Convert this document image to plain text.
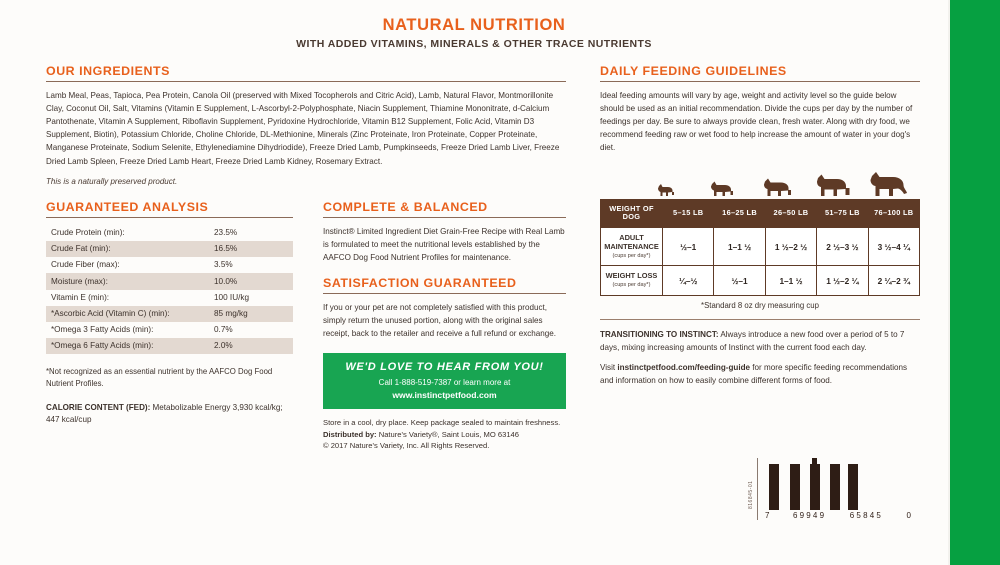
NATURAL NUTRITION
WITH ADDED VITAMINS, MINERALS & OTHER TRACE NUTRIENTS
OUR INGREDIENTS

Lamb Meal, Peas, Tapioca, Pea Protein, Canola Oil (preserved with Mixed Tocopherols and Citric Acid), Lamb, Natural Flavor, Montmorillonite Clay, Coconut Oil, Salt, Vitamins (Vitamin E Supplement, L-Ascorbyl-2-Polyphosphate, Niacin Supplement, Thiamine Mononitrate, d-Calcium Pantothenate, Vitamin A Supplement, Riboflavin Supplement, Pyridoxine Hydrochloride, Vitamin B12 Supplement, Folic Acid, Vitamin D3 Supplement, Biotin), Potassium Chloride, Choline Chloride, DL-Methionine, Minerals (Zinc Proteinate, Iron Proteinate, Copper Proteinate, Manganese Proteinate, Sodium Selenite, Ethylenediamine Dihydriodide), Freeze Dried Lamb, Pumpkinseeds, Freeze Dried Lamb Liver, Freeze Dried Lamb Spleen, Freeze Dried Lamb Heart, Freeze Dried Lamb Kidney, Rosemary Extract.

This is a naturally preserved product.

GUARANTEED ANALYSIS
Crude Protein (min):	23.5%
Crude Fat (min):	16.5%
Crude Fiber (max):	3.5%
Moisture (max):	10.0%
Vitamin E (min):	100 IU/kg
*Ascorbic Acid (Vitamin C) (min):	85 mg/kg
*Omega 3 Fatty Acids (min):	0.7%
*Omega 6 Fatty Acids (min):	2.0%
*Not recognized as an essential nutrient by the AAFCO Dog Food Nutrient Profiles.
CALORIE CONTENT (FED): Metabolizable Energy 3,930 kcal/kg; 447 kcal/cup
COMPLETE & BALANCED

Instinct® Limited Ingredient Diet Grain-Free Recipe with Real Lamb is formulated to meet the nutritional levels established by the AAFCO Dog Food Nutrient Profiles for maintenance.

SATISFACTION GUARANTEED

If you or your pet are not completely satisfied with this product, simply return the unused portion, along with the original sales receipt, back to the retailer and receive a full refund or exchange.

WE'D LOVE TO HEAR FROM YOU!
Call 1-888-519-7387 or learn more at
www.instinctpetfood.com
Store in a cool, dry place. Keep package sealed to maintain freshness.
Distributed by: Nature's Variety®, Saint Louis, MO 63146
© 2017 Nature's Variety, Inc. All Rights Reserved.
DAILY FEEDING GUIDELINES

Ideal feeding amounts will vary by age, weight and activity level so the guide below should be used as an initial recommendation. Divide the cups per day by the number of feedings per day. Be sure to always provide clean, fresh water. Along with dry food, we recommend feeding raw or wet food to help increase the amount of water in your dog's diet.

WEIGHT OF DOG	5–15 LB	16–25 LB	26–50 LB	51–75 LB	76–100 LB
ADULT MAINTENANCE
(cups per day*)	½–1	1–1 ½	1 ½–2 ½	2 ½–3 ½	3 ½–4 ¼
WEIGHT LOSS
(cups per day*)	¼–½	½–1	1–1 ½	1 ½–2 ¼	2 ¼–2 ¾
*Standard 8 oz dry measuring cup

TRANSITIONING TO INSTINCT: Always introduce a new food over a period of 5 to 7 days, mixing increasing amounts of Instinct with the current food each day.

Visit instinctpetfood.com/feeding-guide for more specific feeding recommendations and information on how to easily combine different forms of food.

816845-01
7	69949	65845	0
